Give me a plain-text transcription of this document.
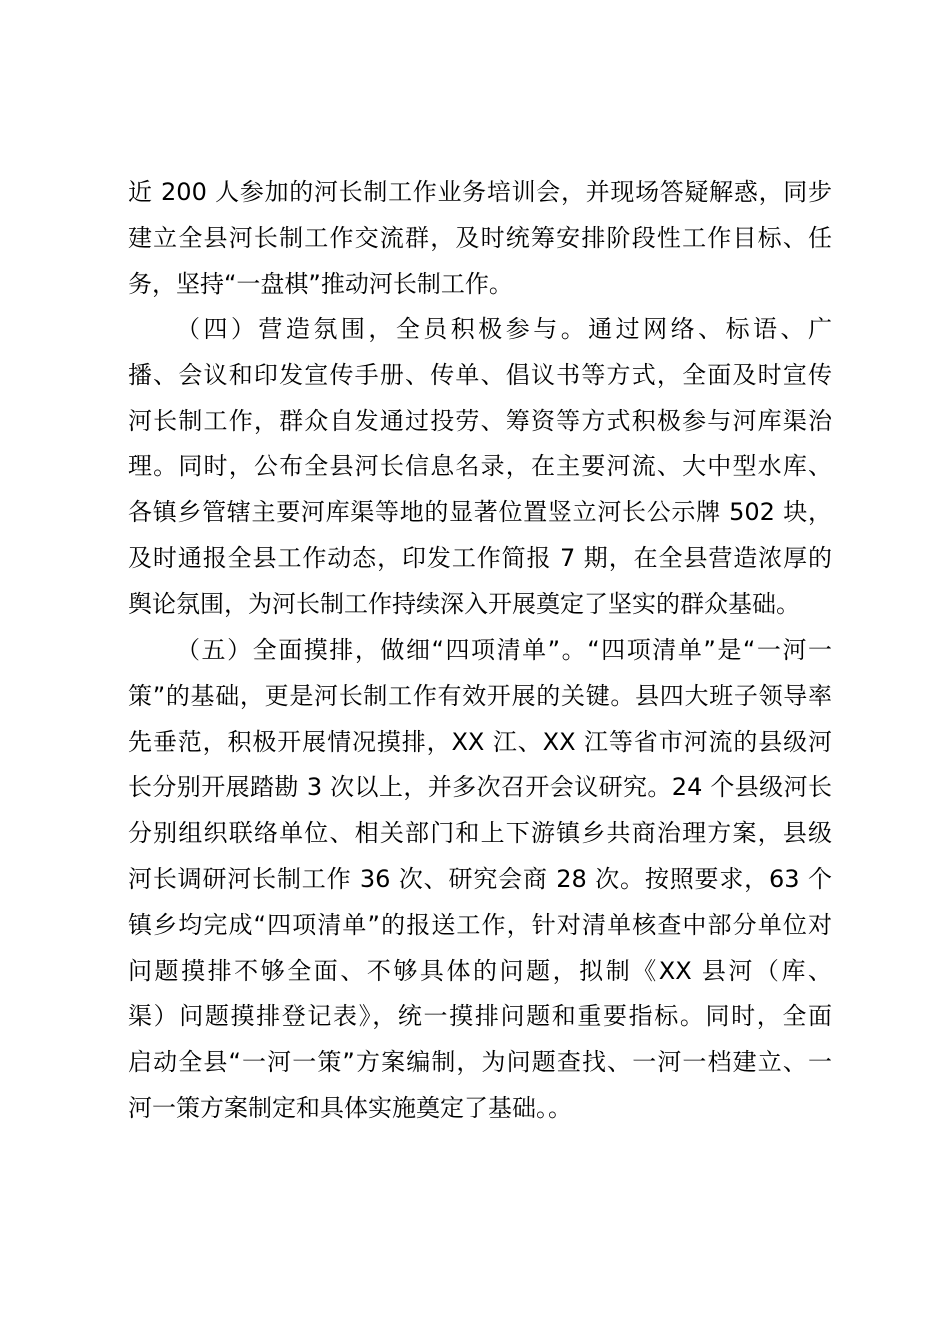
近 200 人参加的河长制工作业务培训会，并现场答疑解惑，同步
建立全县河长制工作交流群，及时统筹安排阶段性工作目标、任
务，坚持“一盘棋”推动河长制工作。
（四）营造氛围，全员积极参与。通过网络、标语、广
播、会议和印发宣传手册、传单、倡议书等方式，全面及时宣传
河长制工作，群众自发通过投劳、筹资等方式积极参与河库渠治
理。同时，公布全县河长信息名录，在主要河流、大中型水库、
各镇乡管辖主要河库渠等地的显著位置竖立河长公示牌 502 块，
及时通报全县工作动态，印发工作简报 7 期，在全县营造浓厚的
舆论氛围，为河长制工作持续深入开展奠定了坚实的群众基础。
（五）全面摸排，做细“四项清单”。“四项清单”是“一河一
策”的基础，更是河长制工作有效开展的关键。县四大班子领导率
先垂范，积极开展情况摸排，XX 江、XX 江等省市河流的县级河
长分别开展踏勘 3 次以上，并多次召开会议研究。24 个县级河长
分别组织联络单位、相关部门和上下游镇乡共商治理方案，县级
河长调研河长制工作 36 次、研究会商 28 次。按照要求，63 个
镇乡均完成“四项清单”的报送工作，针对清单核查中部分单位对
问题摸排不够全面、不够具体的问题，拟制《XX 县河（库、
渠）问题摸排登记表》，统一摸排问题和重要指标。同时，全面
启动全县“一河一策”方案编制，为问题查找、一河一档建立、一
河一策方案制定和具体实施奠定了基础。。
